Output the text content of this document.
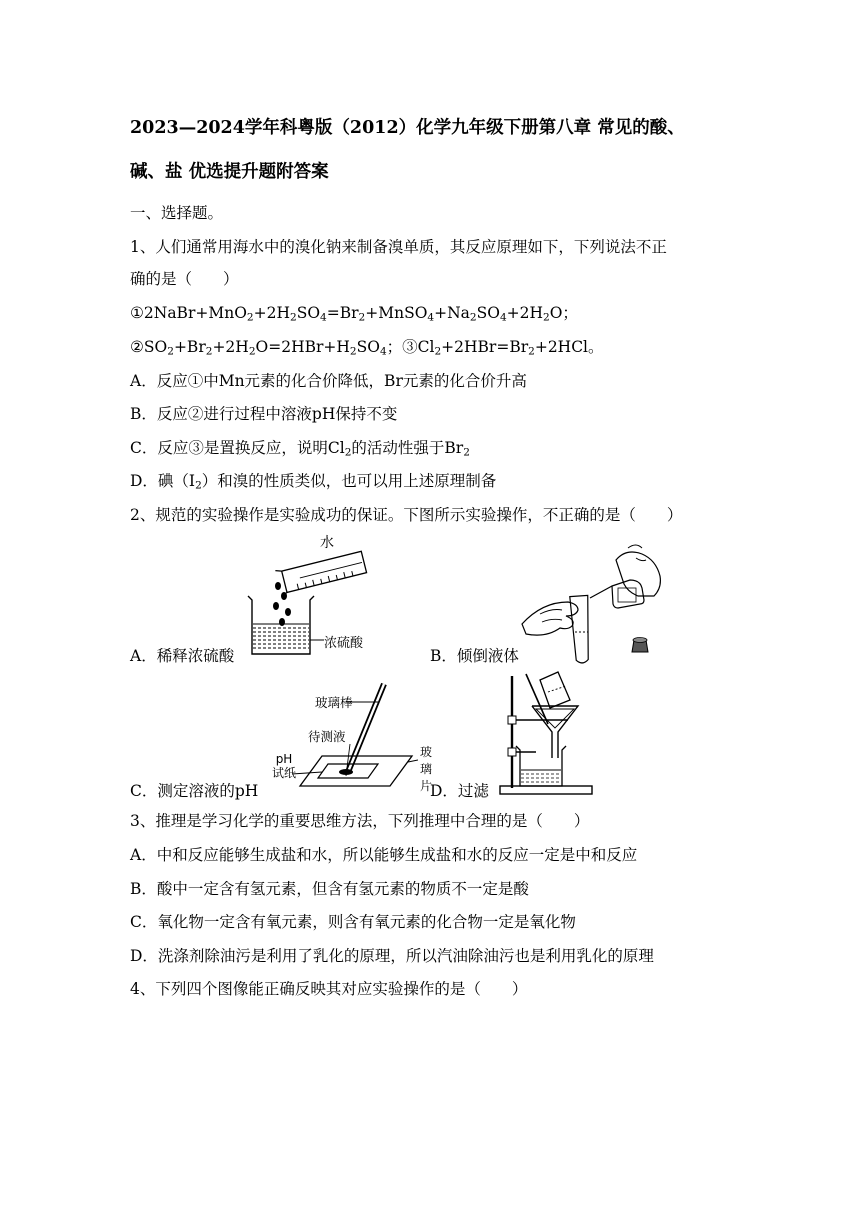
2023—2024学年科粤版（2012）化学九年级下册第八章 常见的酸、
碱、盐 优选提升题附答案
一、选择题。
1、人们通常用海水中的溴化钠来制备溴单质，其反应原理如下，下列说法不正
确的是（　　）
$①2NaBr+MnO_2+2H_2SO_4=Br_2+MnSO_4+Na_2SO_4+2H_2O$；
$②SO_2+Br_2+2H_2O=2HBr+H_2SO_4$；$③Cl_2+2HBr=Br_2+2HCl$。
A．反应①中Mn元素的化合价降低，Br元素的化合价升高
B．反应②进行过程中溶液pH保持不变
C．反应③是置换反应，说明$Cl_2$的活动性强于$Br_2$
D．碘$(I_2)$和溴的性质类似，也可以用上述原理制备
2、规范的实验操作是实验成功的保证。下图所示实验操作，不正确的是（　　）
水
浓硫酸
A．稀释浓硫酸	B．倾倒液体
玻璃棒
待测液
pH
试纸
玻
璃
片
C．测定溶液的pH	D．过滤
3、推理是学习化学的重要思维方法，下列推理中合理的是（　　）
A．中和反应能够生成盐和水，所以能够生成盐和水的反应一定是中和反应
B．酸中一定含有氢元素，但含有氢元素的物质不一定是酸
C．氧化物一定含有氧元素，则含有氧元素的化合物一定是氧化物
D．洗涤剂除油污是利用了乳化的原理，所以汽油除油污也是利用乳化的原理
4、下列四个图像能正确反映其对应实验操作的是（　　）
